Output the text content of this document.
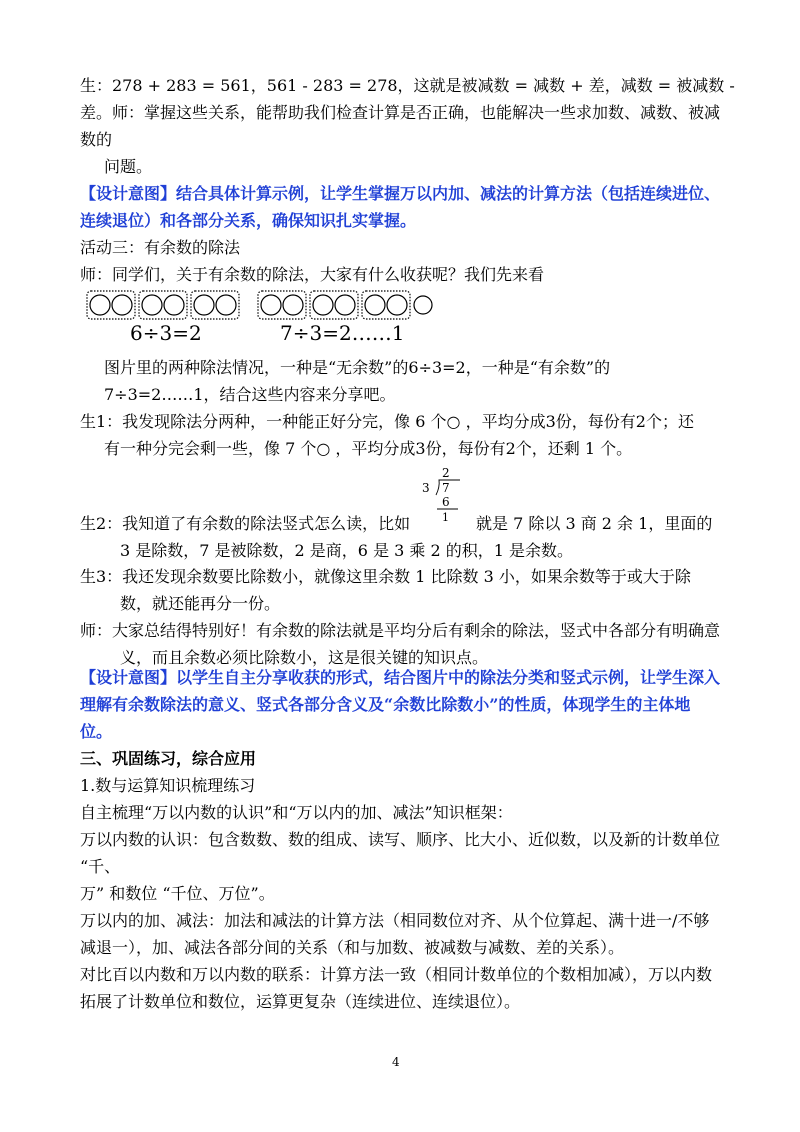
生：278 + 283 = 561，561 - 283 = 278，这就是被减数 = 减数 + 差，减数 = 被减数 -
差。师：掌握这些关系，能帮助我们检查计算是否正确，也能解决一些求加数、减数、被减
数的
问题。
【设计意图】结合具体计算示例，让学生掌握万以内加、减法的计算方法（包括连续进位、
连续退位）和各部分关系，确保知识扎实掌握。
活动三：有余数的除法
师：同学们，关于有余数的除法，大家有什么收获呢？我们先来看
6÷3=2	7÷3=2……1
图片里的两种除法情况，一种是“无余数”的6÷3=2，一种是“有余数”的
7÷3=2……1，结合这些内容来分享吧。
生1：我发现除法分两种，一种能正好分完，像 6 个○ ，平均分成3份，每份有2个；还
有一种分完会剩一些，像 7 个○ ，平均分成3份，每份有2个，还剩 1 个。
2
3 7
6
1
生2：我知道了有余数的除法竖式怎么读，比如	就是 7 除以 3 商 2 余 1，里面的
3 是除数，7 是被除数，2 是商，6 是 3 乘 2 的积，1 是余数。
生3：我还发现余数要比除数小，就像这里余数 1 比除数 3 小，如果余数等于或大于除
数，就还能再分一份。
师：大家总结得特别好！有余数的除法就是平均分后有剩余的除法，竖式中各部分有明确意
义，而且余数必须比除数小，这是很关键的知识点。
【设计意图】以学生自主分享收获的形式，结合图片中的除法分类和竖式示例，让学生深入
理解有余数除法的意义、竖式各部分含义及“余数比除数小”的性质，体现学生的主体地
位。
三、巩固练习，综合应用
1.数与运算知识梳理练习
自主梳理“万以内数的认识”和“万以内的加、减法”知识框架：
万以内数的认识：包含数数、数的组成、读写、顺序、比大小、近似数，以及新的计数单位
“千、
万” 和数位 “千位、万位”。
万以内的加、减法：加法和减法的计算方法（相同数位对齐、从个位算起、满十进一/不够
减退一），加、减法各部分间的关系（和与加数、被减数与减数、差的关系）。
对比百以内数和万以内数的联系：计算方法一致（相同计数单位的个数相加减），万以内数
拓展了计数单位和数位，运算更复杂（连续进位、连续退位）。
4
